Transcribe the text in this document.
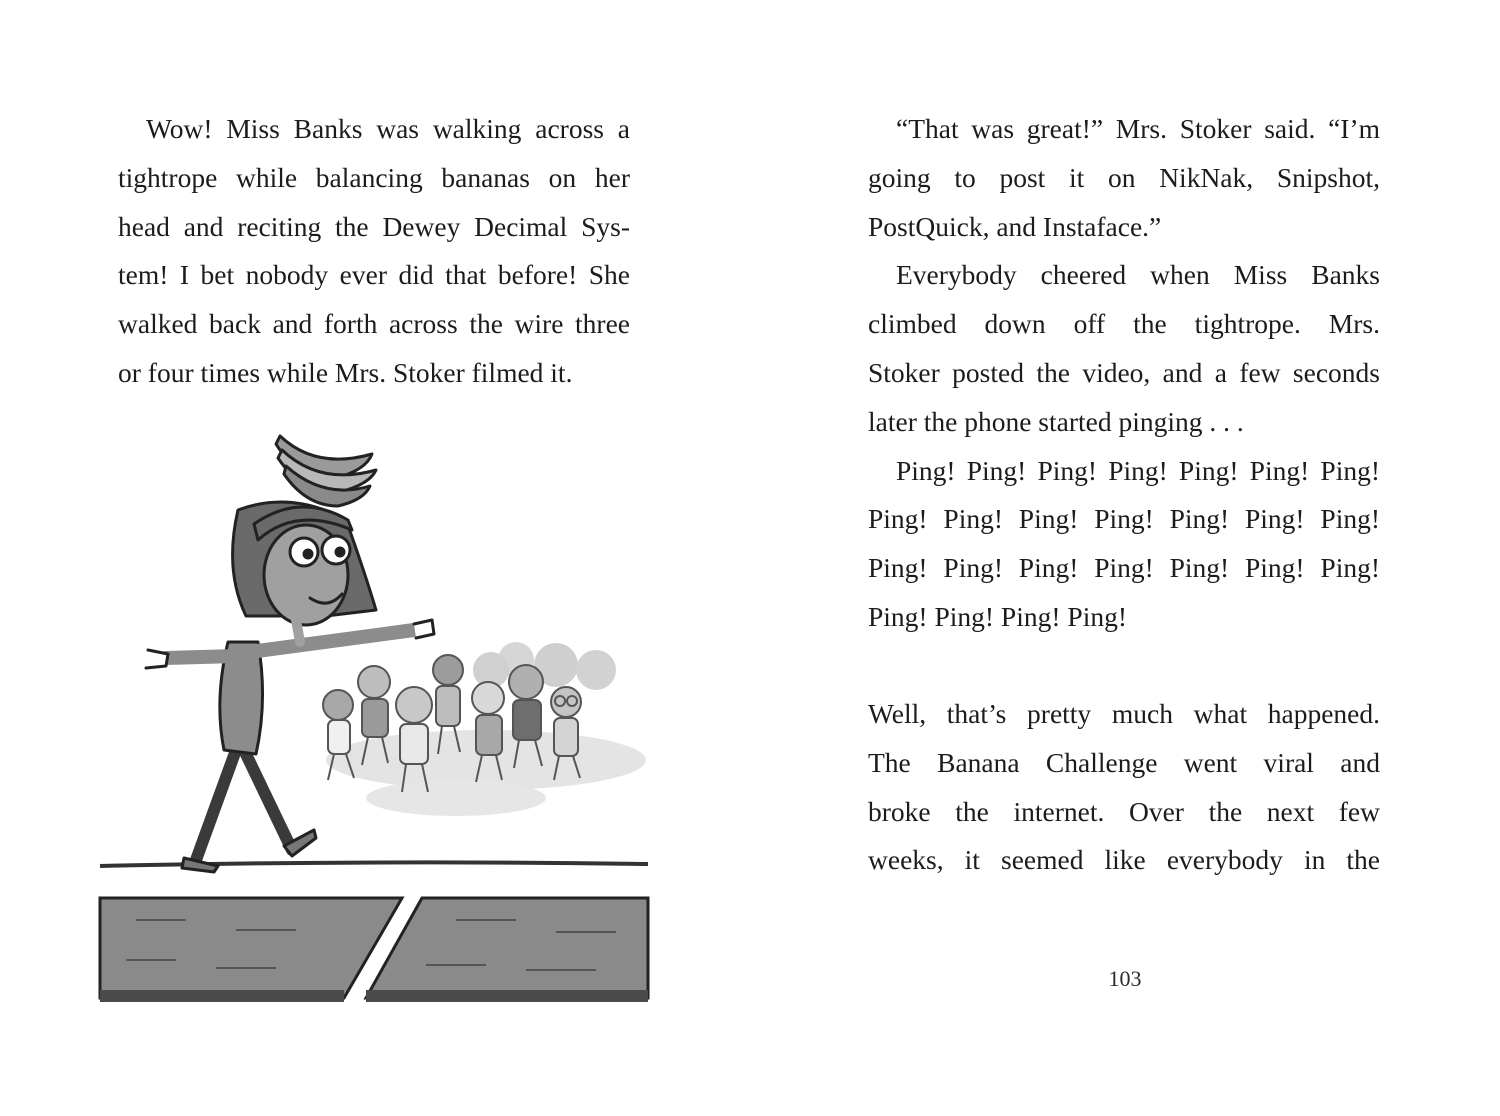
Wow! Miss Banks was walking across a
tightrope while balancing bananas on her
head and reciting the Dewey Decimal Sys-
tem! I bet nobody ever did that before! She
walked back and forth across the wire three
or four times while Mrs. Stoker filmed it.
“That was great!” Mrs. Stoker said. “I’m
going to post it on NikNak, Snipshot,
PostQuick, and Instaface.”
Everybody cheered when Miss Banks
climbed down off the tightrope. Mrs.
Stoker posted the video, and a few seconds
later the phone started pinging . . .
Ping! Ping! Ping! Ping! Ping! Ping! Ping!
Ping! Ping! Ping! Ping! Ping! Ping! Ping!
Ping! Ping! Ping! Ping! Ping! Ping! Ping!
Ping! Ping! Ping! Ping!
Well, that’s pretty much what happened.
The Banana Challenge went viral and
broke the internet. Over the next few
weeks, it seemed like everybody in the
103
